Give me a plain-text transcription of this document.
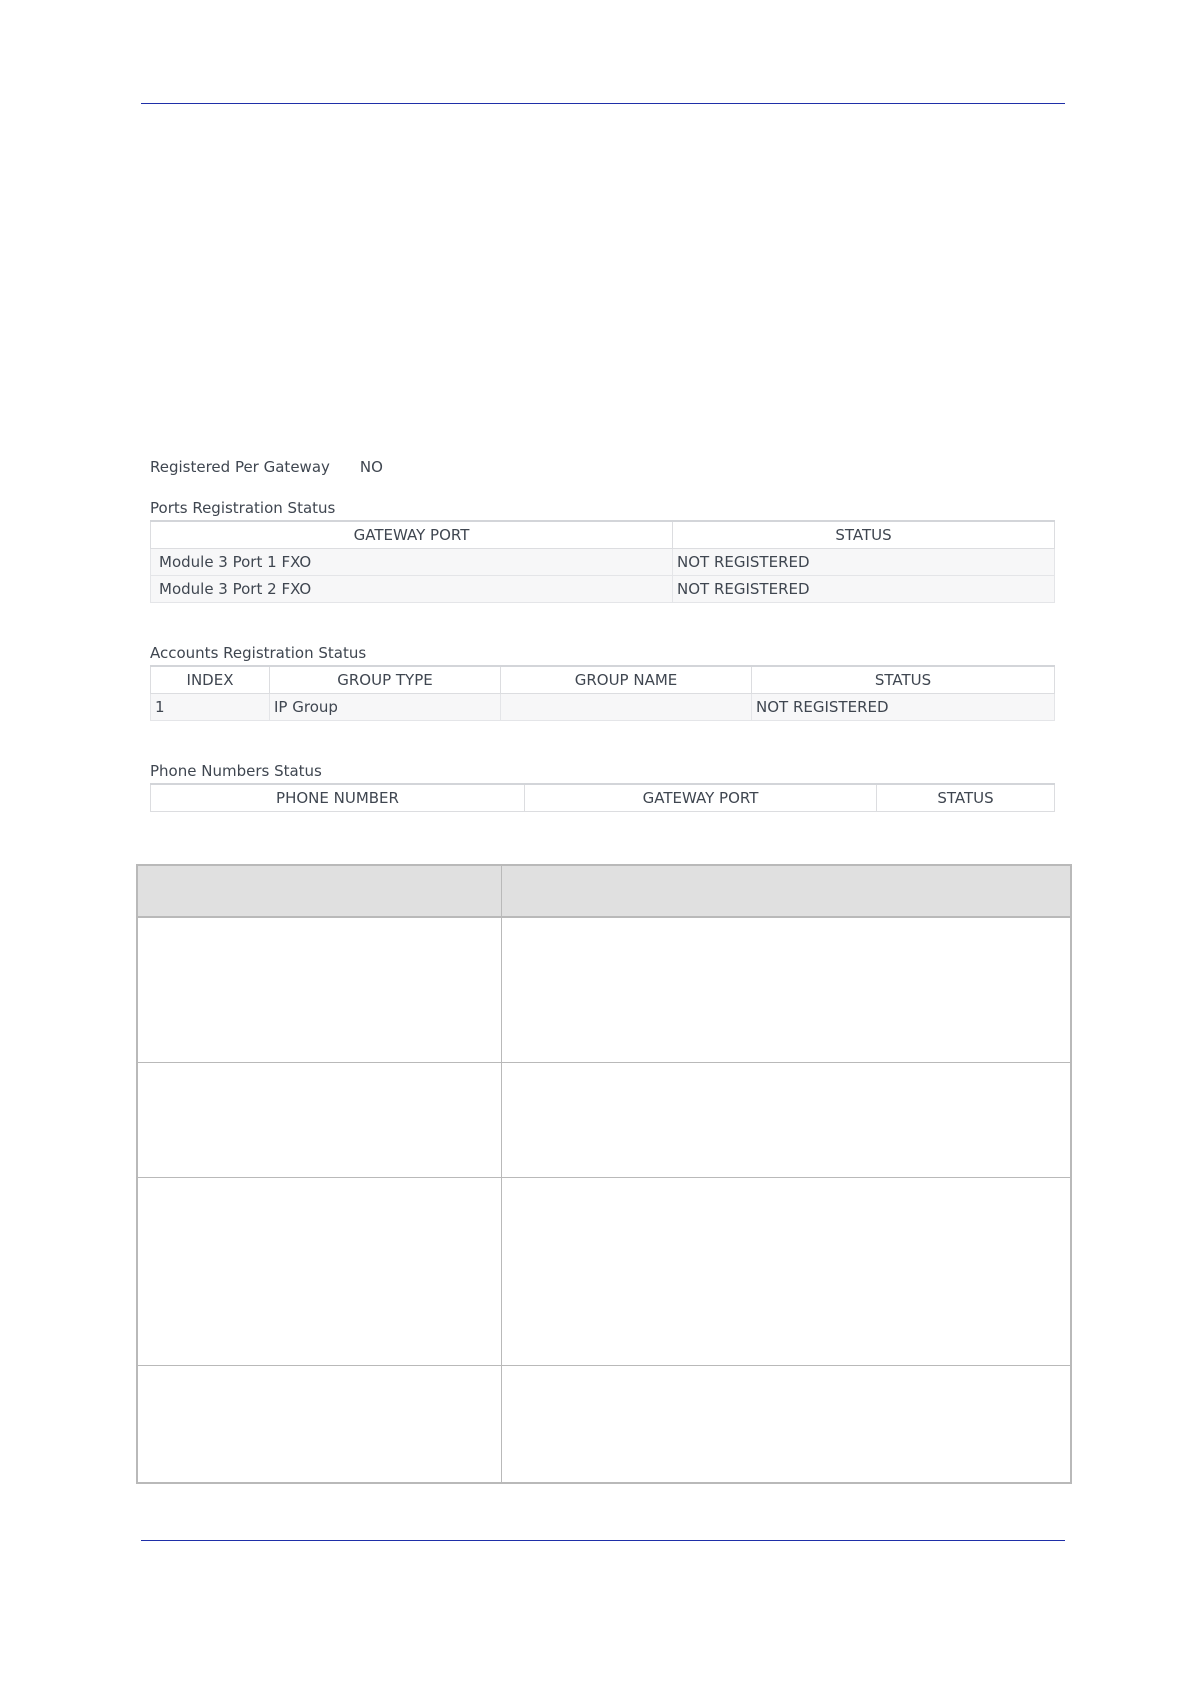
Registered Per Gateway NO
Ports Registration Status
GATEWAY PORT	STATUS
Module 3 Port 1 FXO	NOT REGISTERED
Module 3 Port 2 FXO	NOT REGISTERED
Accounts Registration Status
INDEX	GROUP TYPE	GROUP NAME	STATUS
1	IP Group		NOT REGISTERED
Phone Numbers Status
PHONE NUMBER	GATEWAY PORT	STATUS
